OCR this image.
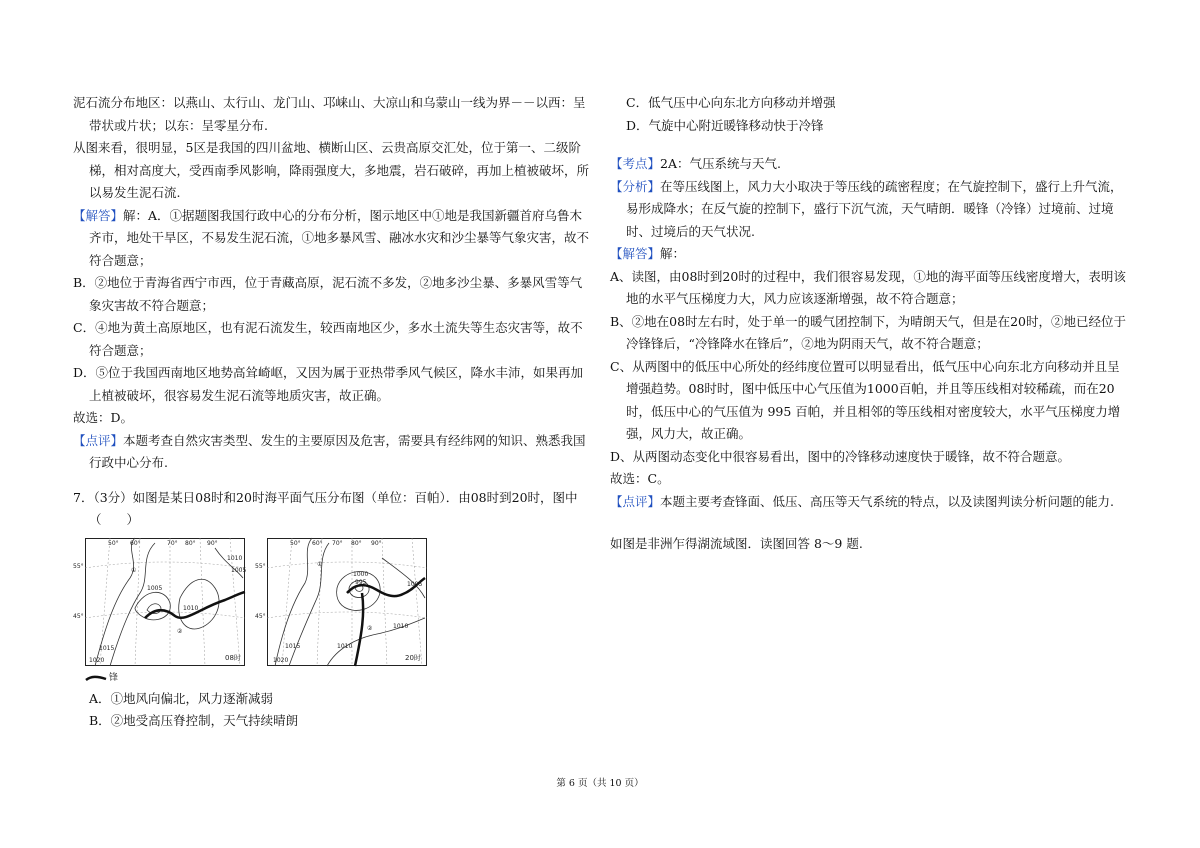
泥石流分布地区：以燕山、太行山、龙门山、邛崃山、大凉山和乌蒙山一线为界－－以西：呈带状或片状；以东：呈零星分布.

从图来看，很明显，5区是我国的四川盆地、横断山区、云贵高原交汇处，位于第一、二级阶梯，相对高度大，受西南季风影响，降雨强度大，多地震，岩石破碎，再加上植被破坏，所以易发生泥石流.

【解答】解：A．①据题图我国行政中心的分布分析，图示地区中①地是我国新疆首府乌鲁木齐市，地处干旱区，不易发生泥石流，①地多暴风雪、融冰水灾和沙尘暴等气象灾害，故不符合题意；

B．②地位于青海省西宁市西，位于青藏高原，泥石流不多发，②地多沙尘暴、多暴风雪等气象灾害故不符合题意；

C．④地为黄土高原地区，也有泥石流发生，较西南地区少，多水土流失等生态灾害等，故不符合题意；

D．⑤位于我国西南地区地势高耸崎岖，又因为属于亚热带季风气候区，降水丰沛，如果再加上植被破坏，很容易发生泥石流等地质灾害，故正确。

故选：D。

【点评】本题考查自然灾害类型、发生的主要原因及危害，需要具有经纬网的知识、熟悉我国行政中心分布.

7．（3分）如图是某日08时和20时海平面气压分布图（单位：百帕）．由08时到20时，图中（　　）

50° 60°	70° 80° 90°
55°
45°
1005
1010
1015
1020
1010
1005
08时
①
②
50° 60° 70° 80° 90°
55°
45°
1000
995	1005
1010
1015
1020
1010
20时
①
②
锋

A．①地风向偏北，风力逐渐减弱

B．②地受高压脊控制，天气持续晴朗

C．低气压中心向东北方向移动并增强

D．气旋中心附近暖锋移动快于冷锋

【考点】2A：气压系统与天气.

【分析】在等压线图上，风力大小取决于等压线的疏密程度；在气旋控制下，盛行上升气流，易形成降水；在反气旋的控制下，盛行下沉气流，天气晴朗．暖锋（冷锋）过境前、过境时、过境后的天气状况.

【解答】解：

A、读图，由08时到20时的过程中，我们很容易发现，①地的海平面等压线密度增大，表明该地的水平气压梯度力大，风力应该逐渐增强，故不符合题意；

B、②地在08时左右时，处于单一的暖气团控制下，为晴朗天气，但是在20时，②地已经位于冷锋锋后，“冷锋降水在锋后”，②地为阴雨天气，故不符合题意；

C、从两图中的低压中心所处的经纬度位置可以明显看出，低气压中心向东北方向移动并且呈增强趋势。08时时，图中低压中心气压值为1000百帕，并且等压线相对较稀疏，而在20时，低压中心的气压值为 995 百帕，并且相邻的等压线相对密度较大，水平气压梯度力增强，风力大，故正确。

D、从两图动态变化中很容易看出，图中的冷锋移动速度快于暖锋，故不符合题意。

故选：C。

【点评】本题主要考查锋面、低压、高压等天气系统的特点，以及读图判读分析问题的能力.

如图是非洲乍得湖流域图．读图回答 8～9 题.

第 6 页（共 10 页）
